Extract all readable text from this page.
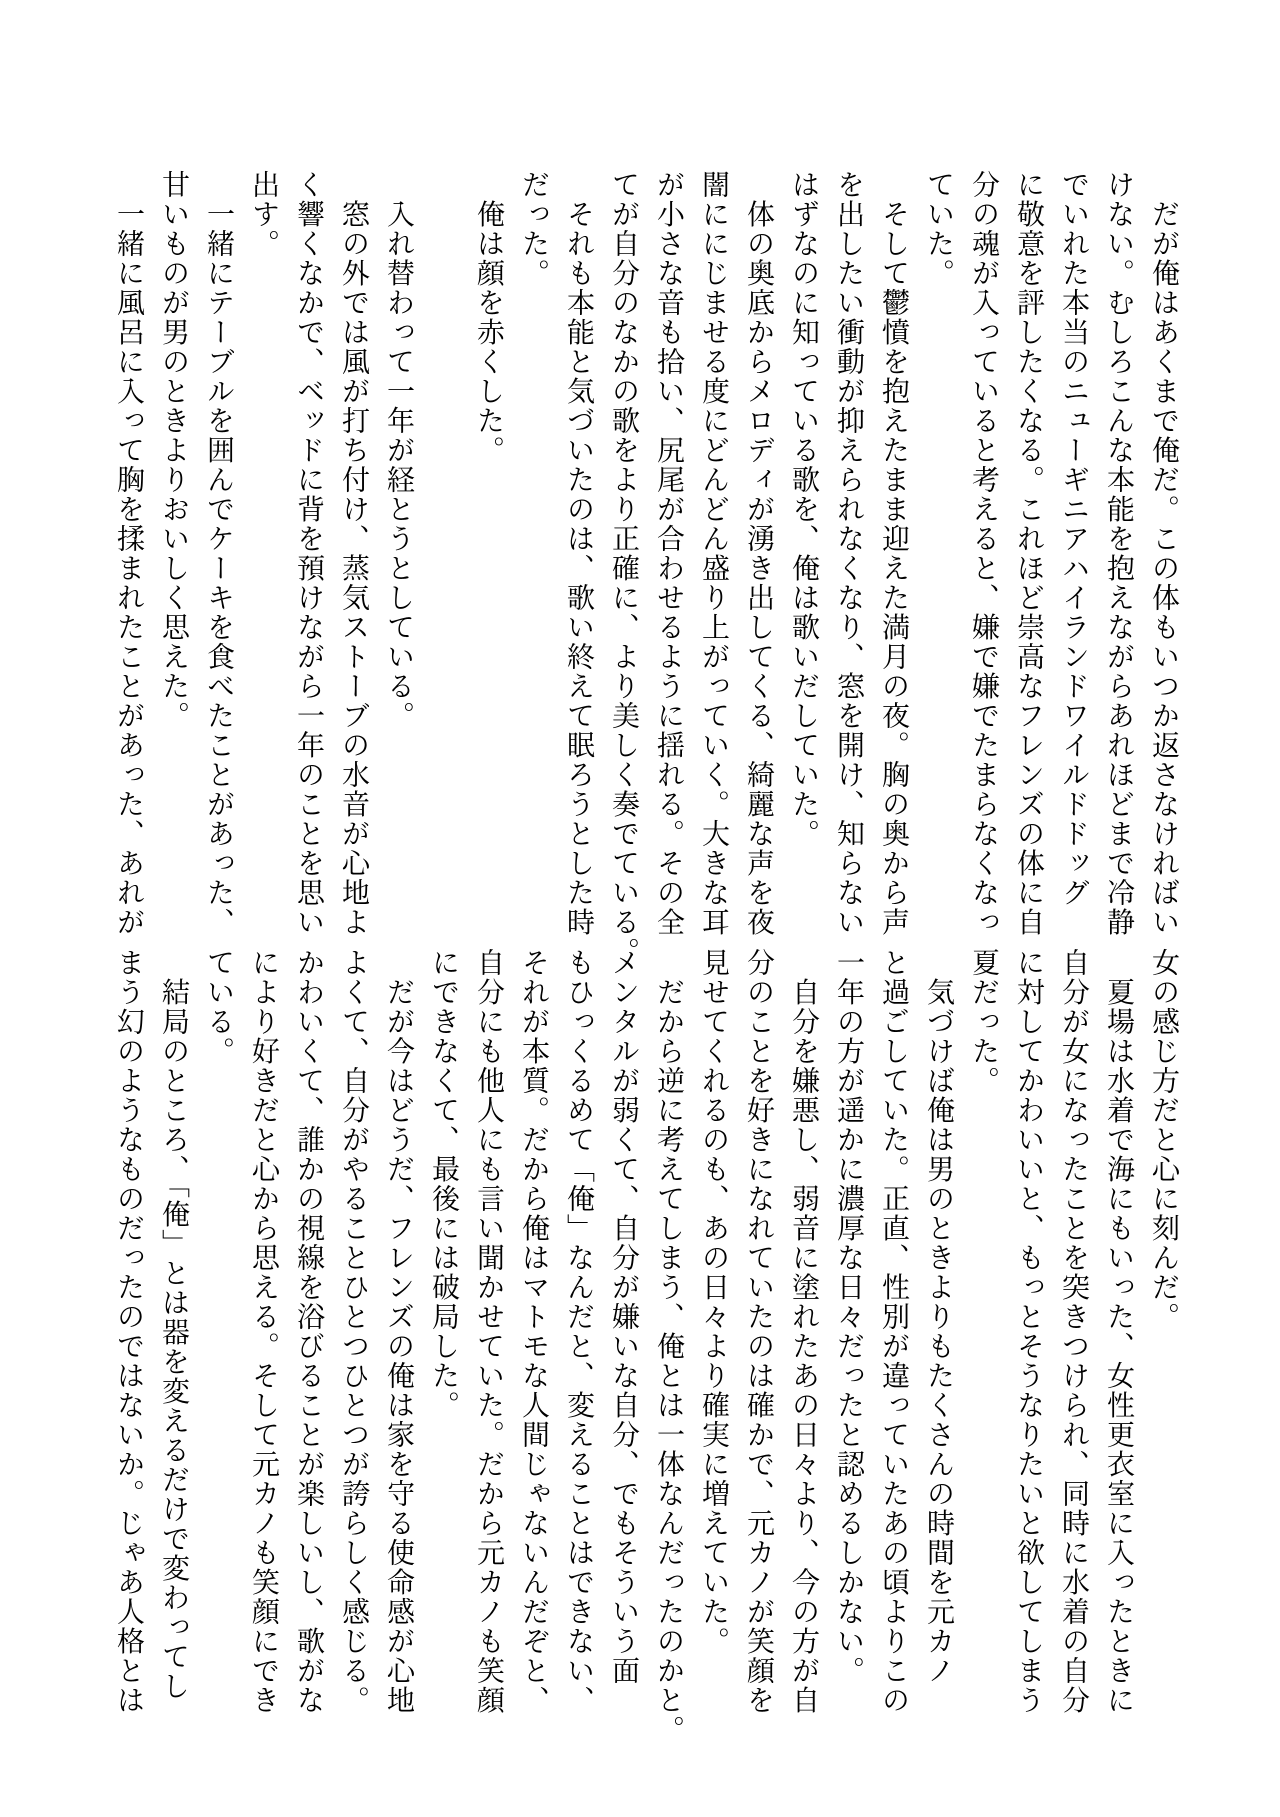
　だが俺はあくまで俺だ。この体もいつか返さなければい
けない。むしろこんな本能を抱えながらあれほどまで冷静
でいれた本当のニューギニアハイランドワイルドドッグ
に敬意を評したくなる。これほど崇高なフレンズの体に自
分の魂が入っていると考えると、嫌で嫌でたまらなくなっ
ていた。
　そして鬱憤を抱えたまま迎えた満月の夜。胸の奥から声
を出したい衝動が抑えられなくなり、窓を開け、知らない
はずなのに知っている歌を、俺は歌いだしていた。
　体の奥底からメロディが湧き出してくる、綺麗な声を夜
闇ににじませる度にどんどん盛り上がっていく。大きな耳
が小さな音も拾い、尻尾が合わせるように揺れる。その全
てが自分のなかの歌をより正確に、より美しく奏でている。
　それも本能と気づいたのは、歌い終えて眠ろうとした時
だった。
　俺は顔を赤くした。

　入れ替わって一年が経とうとしている。
　窓の外では風が打ち付け、蒸気ストーブの水音が心地よ
く響くなかで、ベッドに背を預けながら一年のことを思い
出す。
　一緒にテーブルを囲んでケーキを食べたことがあった、
甘いものが男のときよりおいしく思えた。
　一緒に風呂に入って胸を揉まれたことがあった、あれが
女の感じ方だと心に刻んだ。
　夏場は水着で海にもいった、女性更衣室に入ったときに
自分が女になったことを突きつけられ、同時に水着の自分
に対してかわいいと、もっとそうなりたいと欲してしまう
夏だった。
　気づけば俺は男のときよりもたくさんの時間を元カノ
と過ごしていた。正直、性別が違っていたあの頃よりこの
一年の方が遥かに濃厚な日々だったと認めるしかない。
　自分を嫌悪し、弱音に塗れたあの日々より、今の方が自
分のことを好きになれていたのは確かで、元カノが笑顔を
見せてくれるのも、あの日々より確実に増えていた。
　だから逆に考えてしまう、俺とは一体なんだったのかと。
メンタルが弱くて、自分が嫌いな自分、でもそういう面
もひっくるめて「俺」なんだと、変えることはできない、
それが本質。だから俺はマトモな人間じゃないんだぞと、
自分にも他人にも言い聞かせていた。だから元カノも笑顔
にできなくて、最後には破局した。
　だが今はどうだ、フレンズの俺は家を守る使命感が心地
よくて、自分がやることひとつひとつが誇らしく感じる。
かわいくて、誰かの視線を浴びることが楽しいし、歌がな
により好きだと心から思える。そして元カノも笑顔にでき
ている。
　結局のところ、「俺」とは器を変えるだけで変わってし
まう幻のようなものだったのではないか。じゃあ人格とは
